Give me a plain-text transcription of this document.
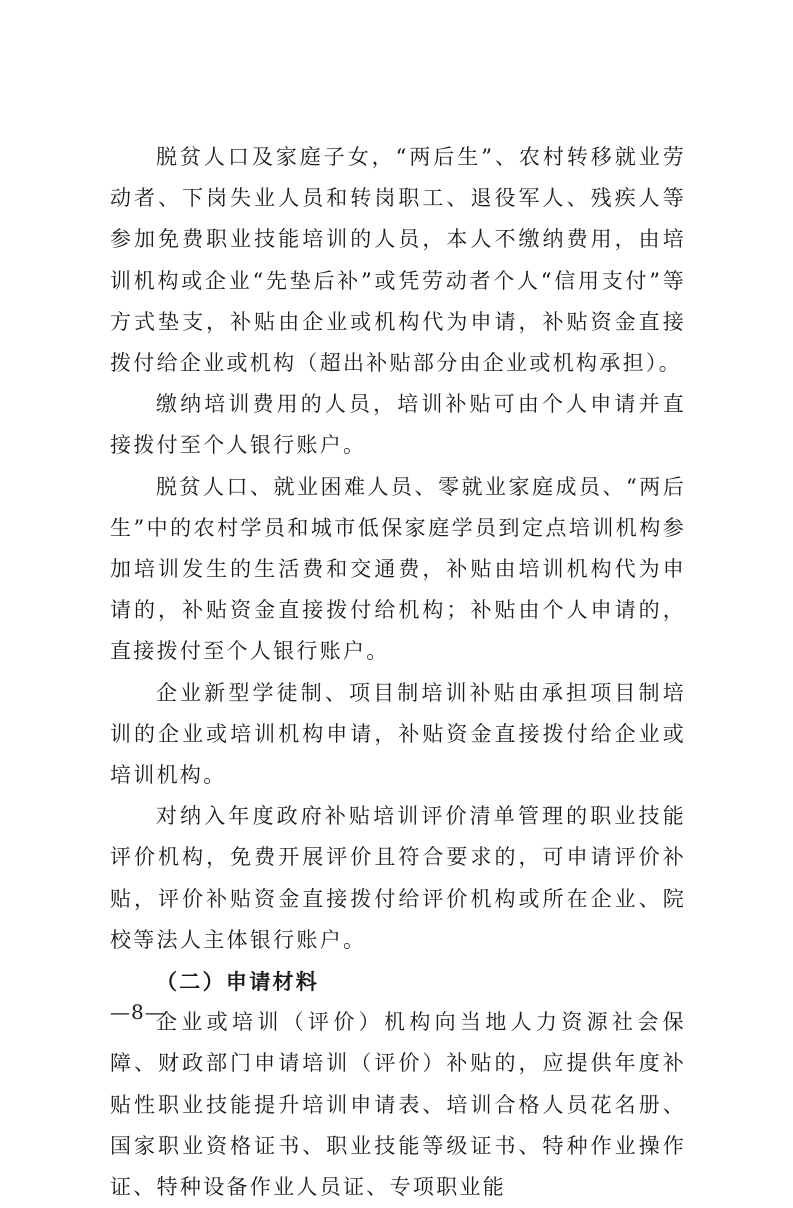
脱贫人口及家庭子女，“两后生”、农村转移就业劳动者、下岗失业人员和转岗职工、退役军人、残疾人等参加免费职业技能培训的人员，本人不缴纳费用，由培训机构或企业“先垫后补”或凭劳动者个人“信用支付”等方式垫支，补贴由企业或机构代为申请，补贴资金直接拨付给企业或机构（超出补贴部分由企业或机构承担）。

缴纳培训费用的人员，培训补贴可由个人申请并直接拨付至个人银行账户。

脱贫人口、就业困难人员、零就业家庭成员、“两后生”中的农村学员和城市低保家庭学员到定点培训机构参加培训发生的生活费和交通费，补贴由培训机构代为申请的，补贴资金直接拨付给机构；补贴由个人申请的，直接拨付至个人银行账户。

企业新型学徒制、项目制培训补贴由承担项目制培训的企业或培训机构申请，补贴资金直接拨付给企业或培训机构。

对纳入年度政府补贴培训评价清单管理的职业技能评价机构，免费开展评价且符合要求的，可申请评价补贴，评价补贴资金直接拨付给评价机构或所在企业、院校等法人主体银行账户。

（二）申请材料

企业或培训（评价）机构向当地人力资源社会保障、财政部门申请培训（评价）补贴的，应提供年度补贴性职业技能提升培训申请表、培训合格人员花名册、国家职业资格证书、职业技能等级证书、特种作业操作证、特种设备作业人员证、专项职业能

—8—
